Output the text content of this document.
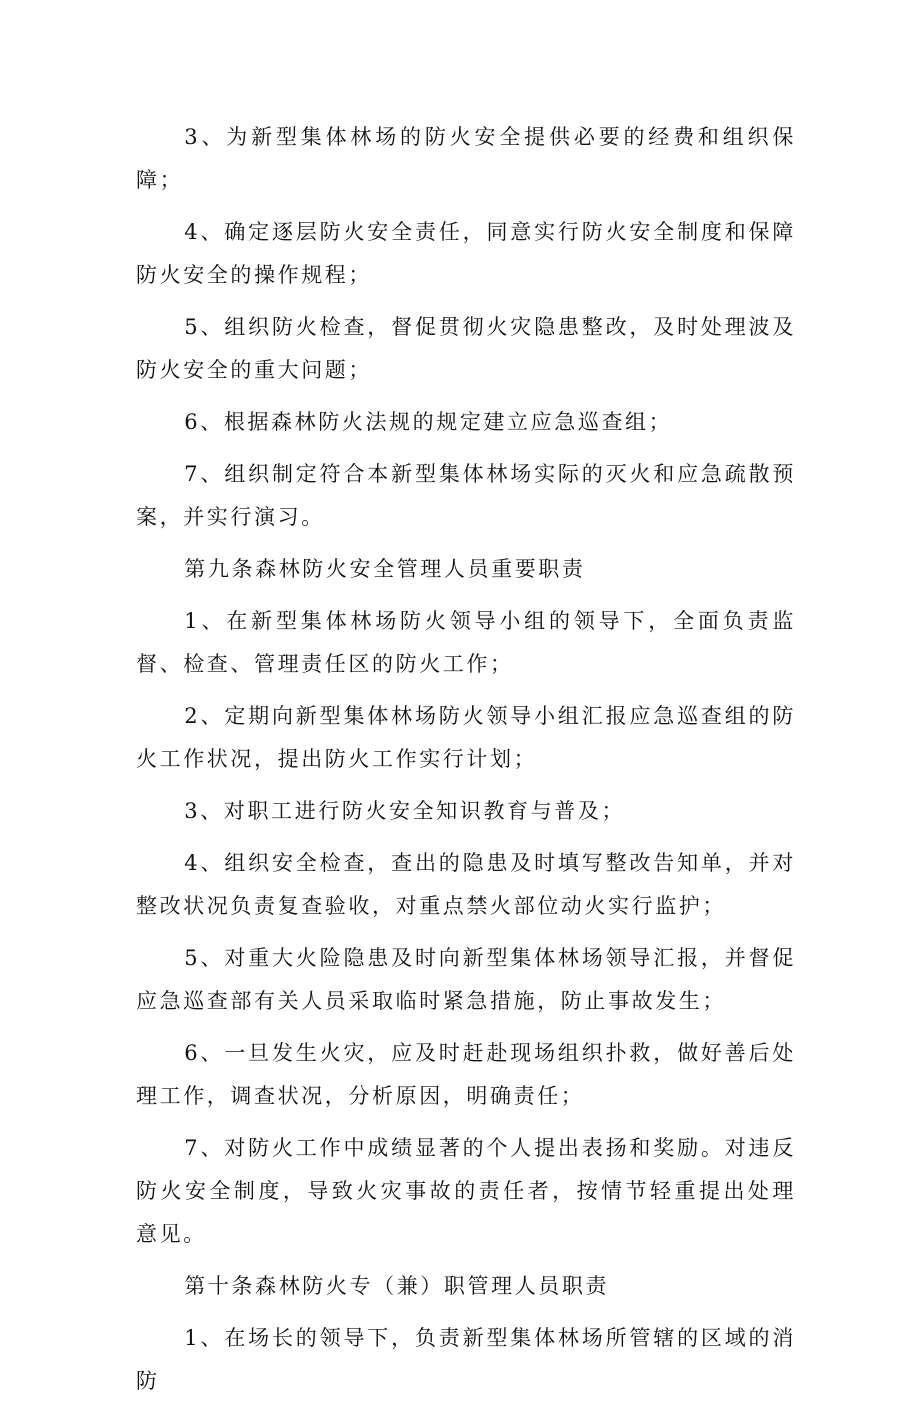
3、为新型集体林场的防火安全提供必要的经费和组织保障；

4、确定逐层防火安全责任，同意实行防火安全制度和保障防火安全的操作规程；

5、组织防火检查，督促贯彻火灾隐患整改，及时处理波及防火安全的重大问题；

6、根据森林防火法规的规定建立应急巡查组；

7、组织制定符合本新型集体林场实际的灭火和应急疏散预案，并实行演习。

第九条森林防火安全管理人员重要职责

1、在新型集体林场防火领导小组的领导下，全面负责监督、检查、管理责任区的防火工作；

2、定期向新型集体林场防火领导小组汇报应急巡查组的防火工作状况，提出防火工作实行计划；

3、对职工进行防火安全知识教育与普及；

4、组织安全检查，查出的隐患及时填写整改告知单，并对整改状况负责复查验收，对重点禁火部位动火实行监护；

5、对重大火险隐患及时向新型集体林场领导汇报，并督促应急巡查部有关人员采取临时紧急措施，防止事故发生；

6、一旦发生火灾，应及时赶赴现场组织扑救，做好善后处理工作，调查状况，分析原因，明确责任；

7、对防火工作中成绩显著的个人提出表扬和奖励。对违反防火安全制度，导致火灾事故的责任者，按情节轻重提出处理意见。

第十条森林防火专（兼）职管理人员职责

1、在场长的领导下，负责新型集体林场所管辖的区域的消防
